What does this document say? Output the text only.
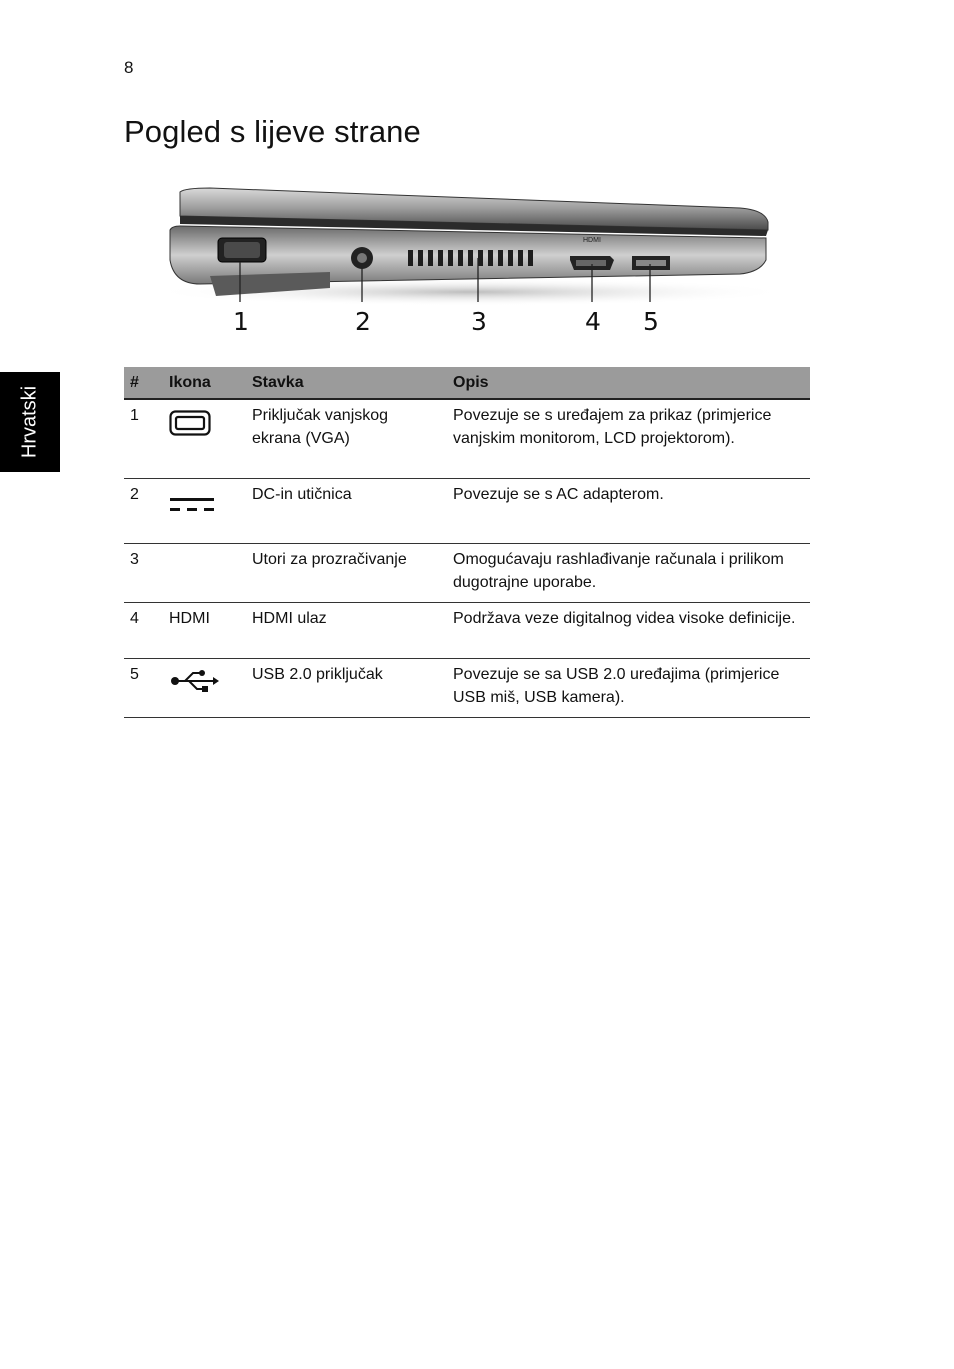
8
Pogled s lijeve strane
Hrvatski
HDMI
1	2	3	4 5
#	Ikona	Stavka	Opis
1		Priključak vanjskog ekrana (VGA)	Povezuje se s uređajem za prikaz (primjerice vanjskim monitorom, LCD projektorom).
2		DC-in utičnica	Povezuje se s AC adapterom.
3		Utori za prozračivanje	Omogućavaju rashlađivanje računala i prilikom dugotrajne uporabe.
4	HDMI	HDMI ulaz	Podržava veze digitalnog videa visoke definicije.
5		USB 2.0 priključak	Povezuje se sa USB 2.0 uređajima (primjerice USB miš, USB kamera).
